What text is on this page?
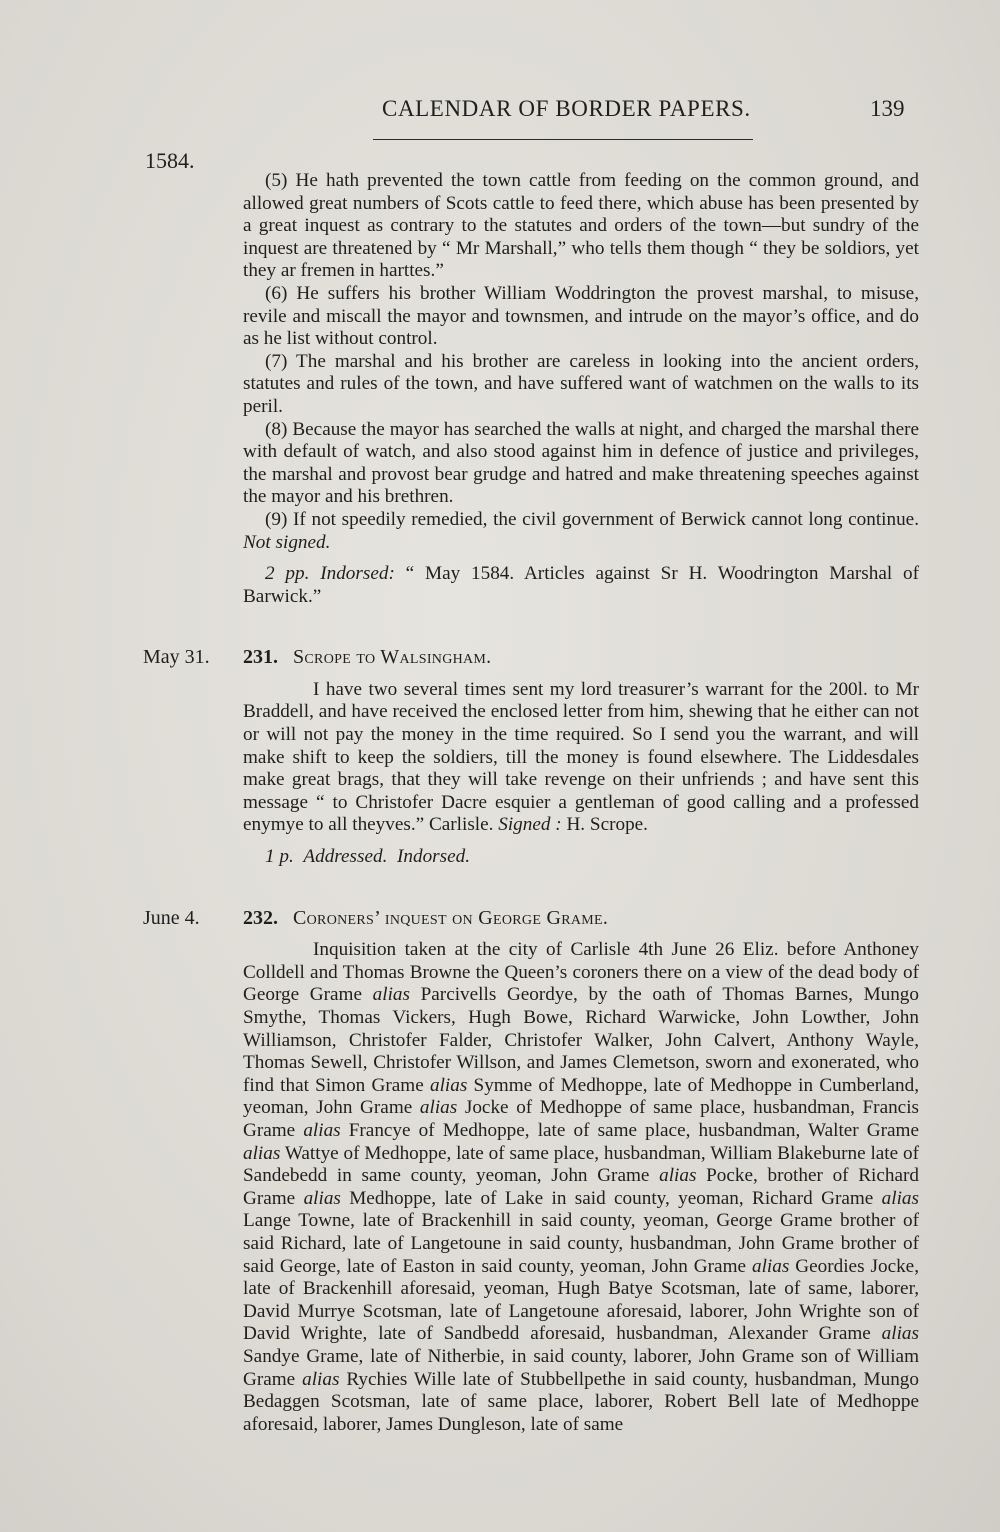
CALENDAR OF BORDER PAPERS.	139
1584.

(5) He hath prevented the town cattle from feeding on the common ground, and allowed great numbers of Scots cattle to feed there, which abuse has been presented by a great inquest as contrary to the statutes and orders of the town—but sundry of the inquest are threatened by “ Mr Marshall,” who tells them though “ they be soldiors, yet they ar fremen in harttes.”

(6) He suffers his brother William Woddrington the provest marshal, to misuse, revile and miscall the mayor and townsmen, and intrude on the mayor’s office, and do as he list without control.

(7) The marshal and his brother are careless in looking into the ancient orders, statutes and rules of the town, and have suffered want of watchmen on the walls to its peril.

(8) Because the mayor has searched the walls at night, and charged the marshal there with default of watch, and also stood against him in defence of justice and privileges, the marshal and provost bear grudge and hatred and make threatening speeches against the mayor and his brethren.

(9) If not speedily remedied, the civil government of Berwick cannot long continue. Not signed.

2 pp. Indorsed: “ May 1584. Articles against Sr H. Woodrington Marshal of Barwick.”

May 31. 231. Scrope to Walsingham.

I have two several times sent my lord treasurer’s warrant for the 200l. to Mr Braddell, and have received the enclosed letter from him, shewing that he either can not or will not pay the money in the time required. So I send you the warrant, and will make shift to keep the soldiers, till the money is found elsewhere. The Liddesdales make great brags, that they will take revenge on their unfriends ; and have sent this message “ to Christofer Dacre esquier a gentleman of good calling and a professed enymye to all theyves.” Carlisle. Signed : H. Scrope.

1 p. Addressed. Indorsed.

June 4. 232. Coroners’ inquest on George Grame.

Inquisition taken at the city of Carlisle 4th June 26 Eliz. before Anthoney Colldell and Thomas Browne the Queen’s coroners there on a view of the dead body of George Grame alias Parcivells Geordye, by the oath of Thomas Barnes, Mungo Smythe, Thomas Vickers, Hugh Bowe, Richard Warwicke, John Lowther, John Williamson, Christofer Falder, Christofer Walker, John Calvert, Anthony Wayle, Thomas Sewell, Christofer Willson, and James Clemetson, sworn and exonerated, who find that Simon Grame alias Symme of Medhoppe, late of Medhoppe in Cumberland, yeoman, John Grame alias Jocke of Medhoppe of same place, husbandman, Francis Grame alias Francye of Medhoppe, late of same place, husbandman, Walter Grame alias Wattye of Medhoppe, late of same place, husbandman, William Blakeburne late of Sandebedd in same county, yeoman, John Grame alias Pocke, brother of Richard Grame alias Medhoppe, late of Lake in said county, yeoman, Richard Grame alias Lange Towne, late of Brackenhill in said county, yeoman, George Grame brother of said Richard, late of Langetoune in said county, husbandman, John Grame brother of said George, late of Easton in said county, yeoman, John Grame alias Geordies Jocke, late of Brackenhill aforesaid, yeoman, Hugh Batye Scotsman, late of same, laborer, David Murrye Scotsman, late of Langetoune aforesaid, laborer, John Wrighte son of David Wrighte, late of Sandbedd aforesaid, husbandman, Alexander Grame alias Sandye Grame, late of Nitherbie, in said county, laborer, John Grame son of William Grame alias Rychies Wille late of Stubbellpethe in said county, husbandman, Mungo Bedaggen Scotsman, late of same place, laborer, Robert Bell late of Medhoppe aforesaid, laborer, James Dungleson, late of same
